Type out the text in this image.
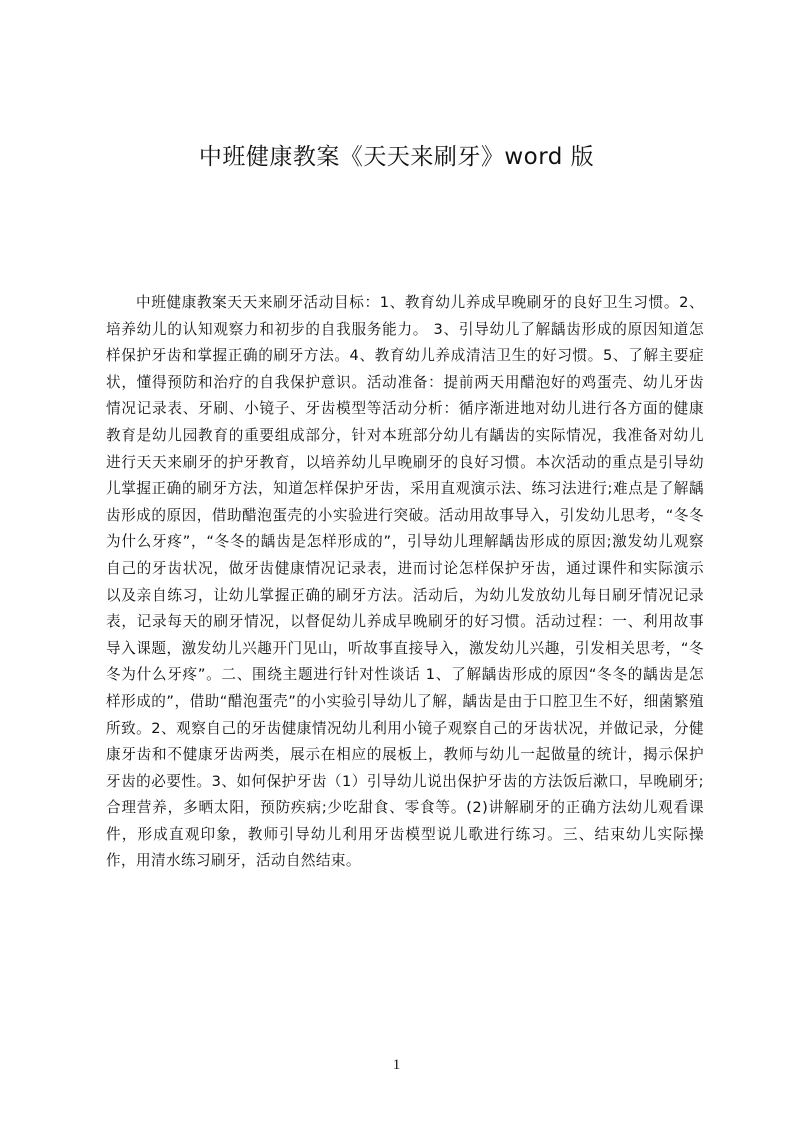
中班健康教案《天天来刷牙》word 版

中班健康教案天天来刷牙活动目标：1、教育幼儿养成早晚刷牙的良好卫生习惯。2、培养幼儿的认知观察力和初步的自我服务能力。 3、引导幼儿了解龋齿形成的原因知道怎样保护牙齿和掌握正确的刷牙方法。4、教育幼儿养成清洁卫生的好习惯。5、了解主要症状，懂得预防和治疗的自我保护意识。活动准备：提前两天用醋泡好的鸡蛋壳、幼儿牙齿情况记录表、牙刷、小镜子、牙齿模型等活动分析：循序渐进地对幼儿进行各方面的健康教育是幼儿园教育的重要组成部分，针对本班部分幼儿有龋齿的实际情况，我准备对幼儿进行天天来刷牙的护牙教育，以培养幼儿早晚刷牙的良好习惯。本次活动的重点是引导幼儿掌握正确的刷牙方法，知道怎样保护牙齿，采用直观演示法、练习法进行;难点是了解龋齿形成的原因，借助醋泡蛋壳的小实验进行突破。活动用故事导入，引发幼儿思考，“冬冬为什么牙疼”，“冬冬的龋齿是怎样形成的”，引导幼儿理解龋齿形成的原因;激发幼儿观察自己的牙齿状况，做牙齿健康情况记录表，进而讨论怎样保护牙齿，通过课件和实际演示以及亲自练习，让幼儿掌握正确的刷牙方法。活动后，为幼儿发放幼儿每日刷牙情况记录表，记录每天的刷牙情况，以督促幼儿养成早晚刷牙的好习惯。活动过程：一、利用故事导入课题，激发幼儿兴趣开门见山，听故事直接导入，激发幼儿兴趣，引发相关思考，“冬冬为什么牙疼”。二、围绕主题进行针对性谈话 1、了解龋齿形成的原因“冬冬的龋齿是怎样形成的”，借助“醋泡蛋壳”的小实验引导幼儿了解，龋齿是由于口腔卫生不好，细菌繁殖所致。2、观察自己的牙齿健康情况幼儿利用小镜子观察自己的牙齿状况，并做记录，分健康牙齿和不健康牙齿两类，展示在相应的展板上，教师与幼儿一起做量的统计，揭示保护牙齿的必要性。3、如何保护牙齿（1）引导幼儿说出保护牙齿的方法饭后漱口，早晚刷牙;合理营养，多晒太阳，预防疾病;少吃甜食、零食等。(2)讲解刷牙的正确方法幼儿观看课件，形成直观印象，教师引导幼儿利用牙齿模型说儿歌进行练习。三、结束幼儿实际操作，用清水练习刷牙，活动自然结束。

1
